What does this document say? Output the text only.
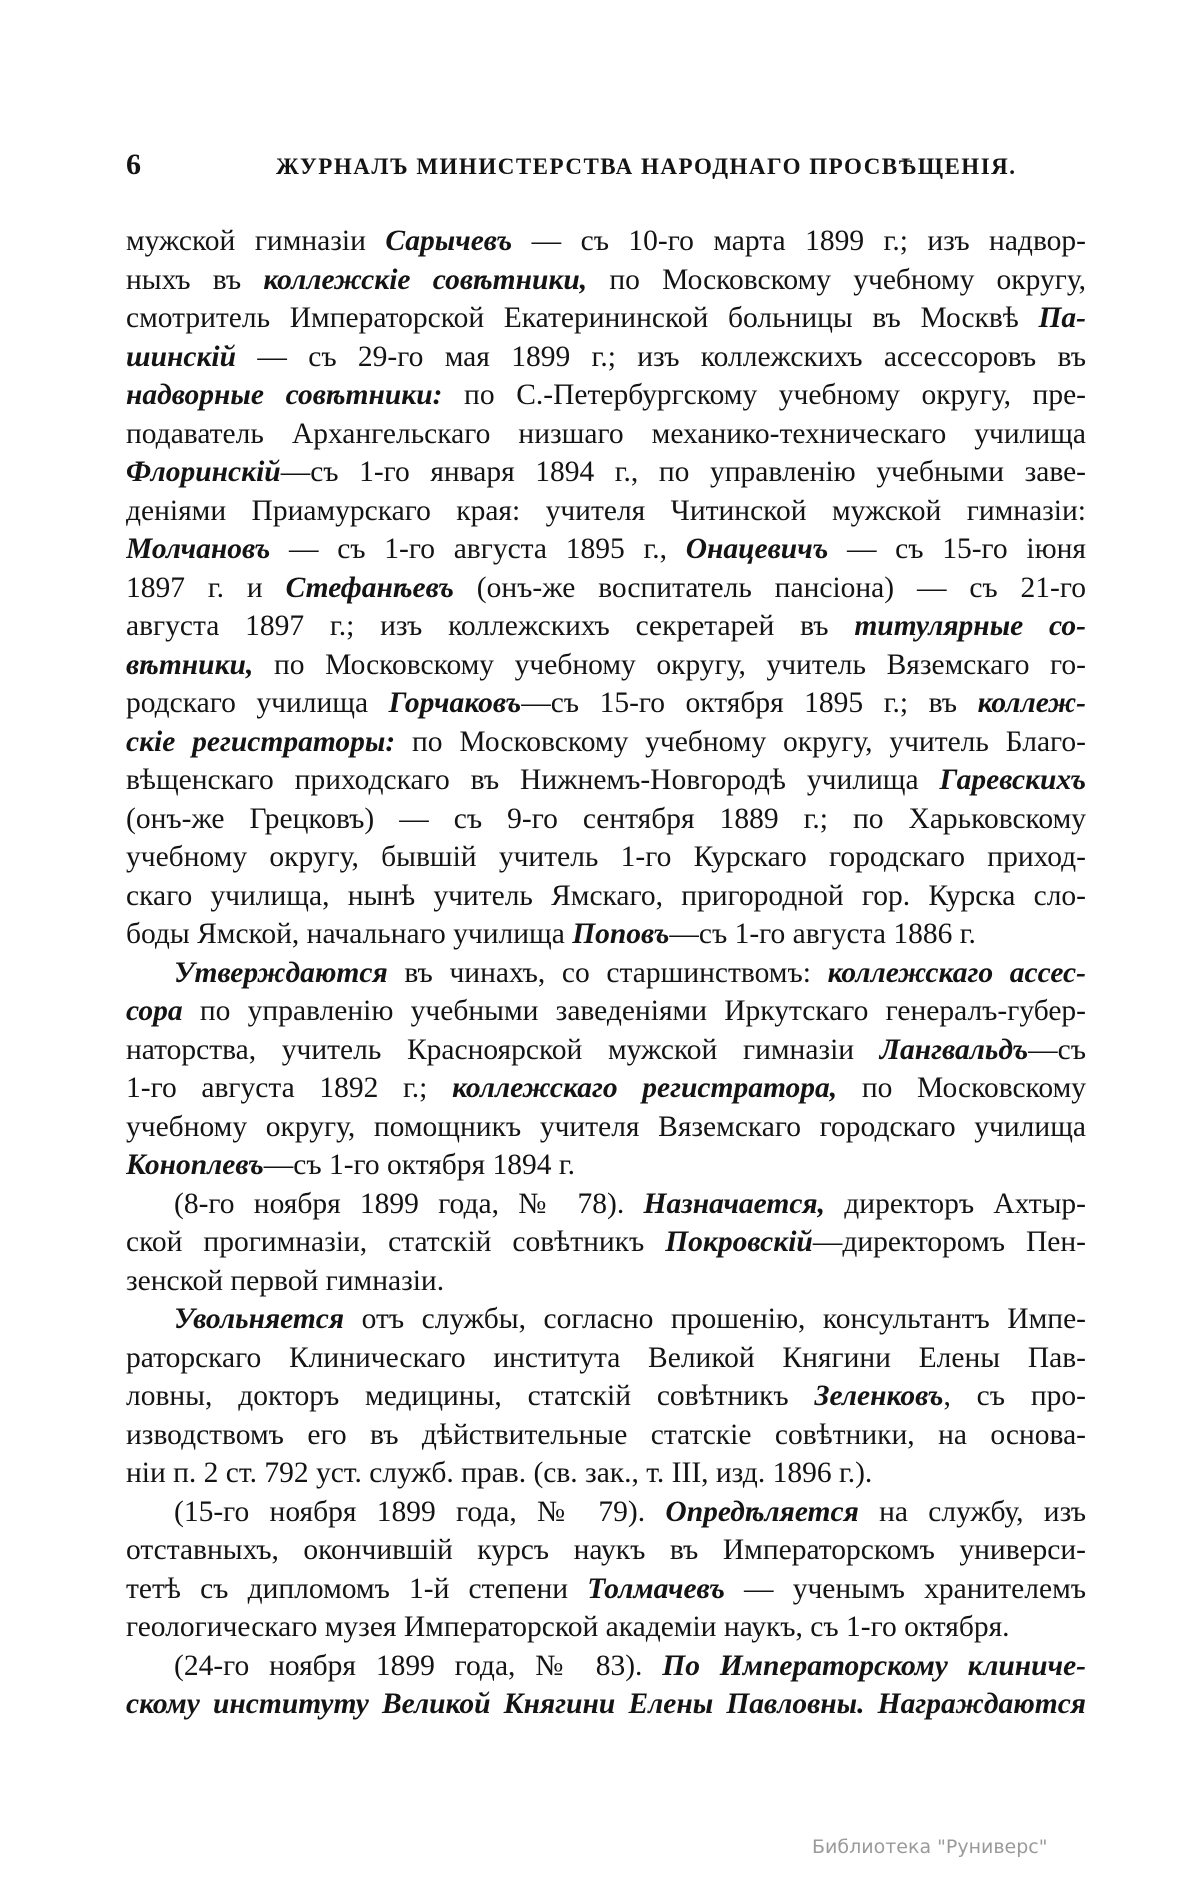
6	ЖУРНАЛЪ МИНИСТЕРСТВА НАРОДНАГО ПРОСВѢЩЕНIЯ.
мужской гимназiи Сарычевъ — съ 10-го марта 1899 г.; изъ надвор-
ныхъ въ коллежскiе совѣтники, по Московскому учебному округу,
смотритель Императорской Екатерининской больницы въ Москвѣ Па-
шинскiй — съ 29-го мая 1899 г.; изъ коллежскихъ ассессоровъ въ
надворные совѣтники: по С.-Петербургскому учебному округу, пре-
подаватель Архангельскаго низшаго механико-техническаго училища
Флоринскiй—съ 1-го января 1894 г., по управленiю учебными заве-
денiями Приамурскаго края: учителя Читинской мужской гимназiи:
Молчановъ — съ 1-го августа 1895 г., Онацевичъ — съ 15-го iюня
1897 г. и Стефанѣевъ (онъ-же воспитатель пансiона) — съ 21-го
августа 1897 г.; изъ коллежскихъ секретарей въ титулярные со-
вѣтники, по Московскому учебному округу, учитель Вяземскаго го-
родскаго училища Горчаковъ—съ 15-го октября 1895 г.; въ коллеж-
скiе регистраторы: по Московскому учебному округу, учитель Благо-
вѣщенскаго приходскаго въ Нижнемъ-Новгородѣ училища Гаревскихъ
(онъ-же Грецковъ) — съ 9-го сентября 1889 г.; по Харьковскому
учебному округу, бывшiй учитель 1-го Курскаго городскаго приход-
скаго училища, нынѣ учитель Ямскаго, пригородной гор. Курска сло-
боды Ямской, начальнаго училища Поповъ—съ 1-го августа 1886 г.
Утверждаются въ чинахъ, со старшинствомъ: коллежскаго ассес-
сора по управленiю учебными заведенiями Иркутскаго генералъ-губер-
наторства, учитель Красноярской мужской гимназiи Лангвальдъ—съ
1-го августа 1892 г.; коллежскаго регистратора, по Московскому
учебному округу, помощникъ учителя Вяземскаго городскаго училища
Коноплевъ—съ 1-го октября 1894 г.
(8-го ноября 1899 года, № 78). Назначается, директоръ Ахтыр-
ской прогимназiи, статскiй совѣтникъ Покровскiй—директоромъ Пен-
зенской первой гимназiи.
Увольняется отъ службы, согласно прошенiю, консультантъ Импе-
раторскаго Клиническаго института Великой Княгини Елены Пав-
ловны, докторъ медицины, статскiй совѣтникъ Зеленковъ, съ про-
изводствомъ его въ дѣйствительные статскiе совѣтники, на основа-
нiи п. 2 ст. 792 уст. служб. прав. (св. зак., т. III, изд. 1896 г.).
(15-го ноября 1899 года, № 79). Опредѣляется на службу, изъ
отставныхъ, окончившiй курсъ наукъ въ Императорскомъ универси-
тетѣ съ дипломомъ 1-й степени Толмачевъ — ученымъ хранителемъ
геологическаго музея Императорской академiи наукъ, съ 1-го октября.
(24-го ноября 1899 года, № 83). По Императорскому клиниче-
скому институту Великой Княгини Елены Павловны. Награждаются
Библиотека "Руниверс"
